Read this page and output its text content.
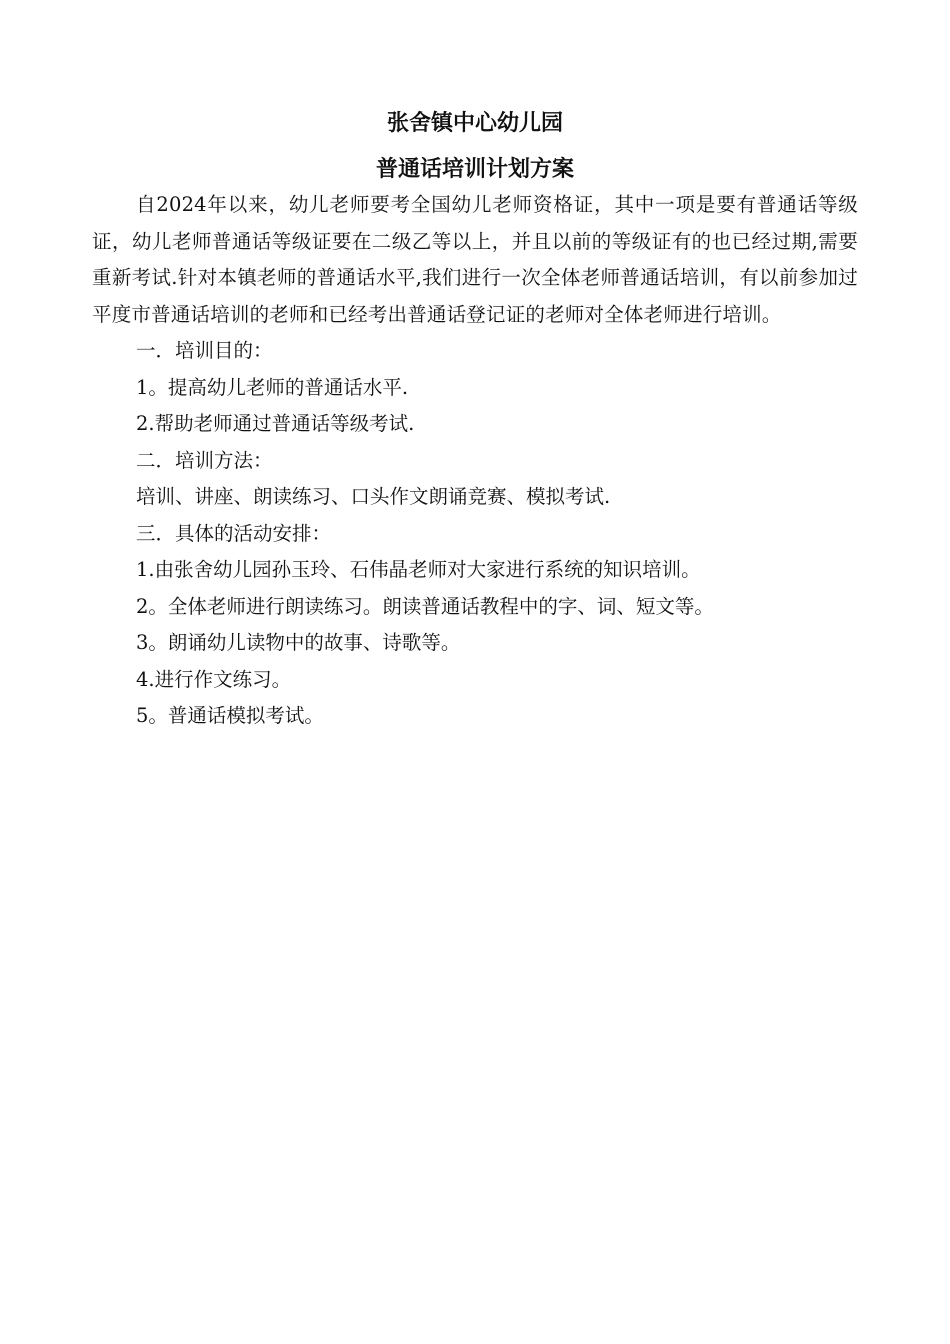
张舍镇中心幼儿园
普通话培训计划方案

自2024年以来，幼儿老师要考全国幼儿老师资格证，其中一项是要有普通话等级证，幼儿老师普通话等级证要在二级乙等以上，并且以前的等级证有的也已经过期,需要重新考试.针对本镇老师的普通话水平,我们进行一次全体老师普通话培训，有以前参加过平度市普通话培训的老师和已经考出普通话登记证的老师对全体老师进行培训。

一．培训目的：

1。提高幼儿老师的普通话水平.

2.帮助老师通过普通话等级考试.

二．培训方法：

培训、讲座、朗读练习、口头作文朗诵竞赛、模拟考试.

三．具体的活动安排：

1.由张舍幼儿园孙玉玲、石伟晶老师对大家进行系统的知识培训。

2。全体老师进行朗读练习。朗读普通话教程中的字、词、短文等。

3。朗诵幼儿读物中的故事、诗歌等。

4.进行作文练习。

5。普通话模拟考试。
